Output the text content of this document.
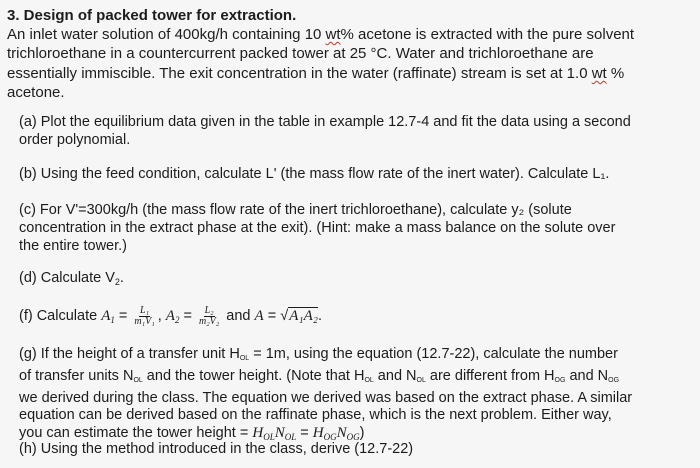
3. Design of packed tower for extraction.
An inlet water solution of 400kg/h containing 10 wt% acetone is extracted with the pure solvent
trichloroethane in a countercurrent packed tower at 25 °C. Water and trichloroethane are
essentially immiscible. The exit concentration in the water (raffinate) stream is set at 1.0 wt %
acetone.
(a) Plot the equilibrium data given in the table in example 12.7-4 and fit the data using a second
order polynomial.
(b) Using the feed condition, calculate L' (the mass flow rate of the inert water). Calculate L₁.
(c) For V'=300kg/h (the mass flow rate of the inert trichloroethane), calculate y₂ (solute
concentration in the extract phase at the exit). (Hint: make a mass balance on the solute over
the entire tower.)
(d) Calculate $V_2$.
(f) Calculate $A_1 = \frac{\text{L₁}}{\text{m₁V₁}}$ , $A_2 = \frac{\text{L₂}}{\text{m₂V₂}}$ and A = √A₁A₂.
(g) If the height of a transfer unit HOL = 1m, using the equation (12.7-22), calculate the number
of transfer units NOL and the tower height. (Note that HOL and NOL are different from HOG and NOG
we derived during the class. The equation we derived was based on the extract phase. A similar
equation can be derived based on the raffinate phase, which is the next problem. Either way,
you can estimate the tower height = $H_{OL}N_{OL} = H_{OG}N_{OG}$)
(h) Using the method introduced in the class, derive (12.7-22)
